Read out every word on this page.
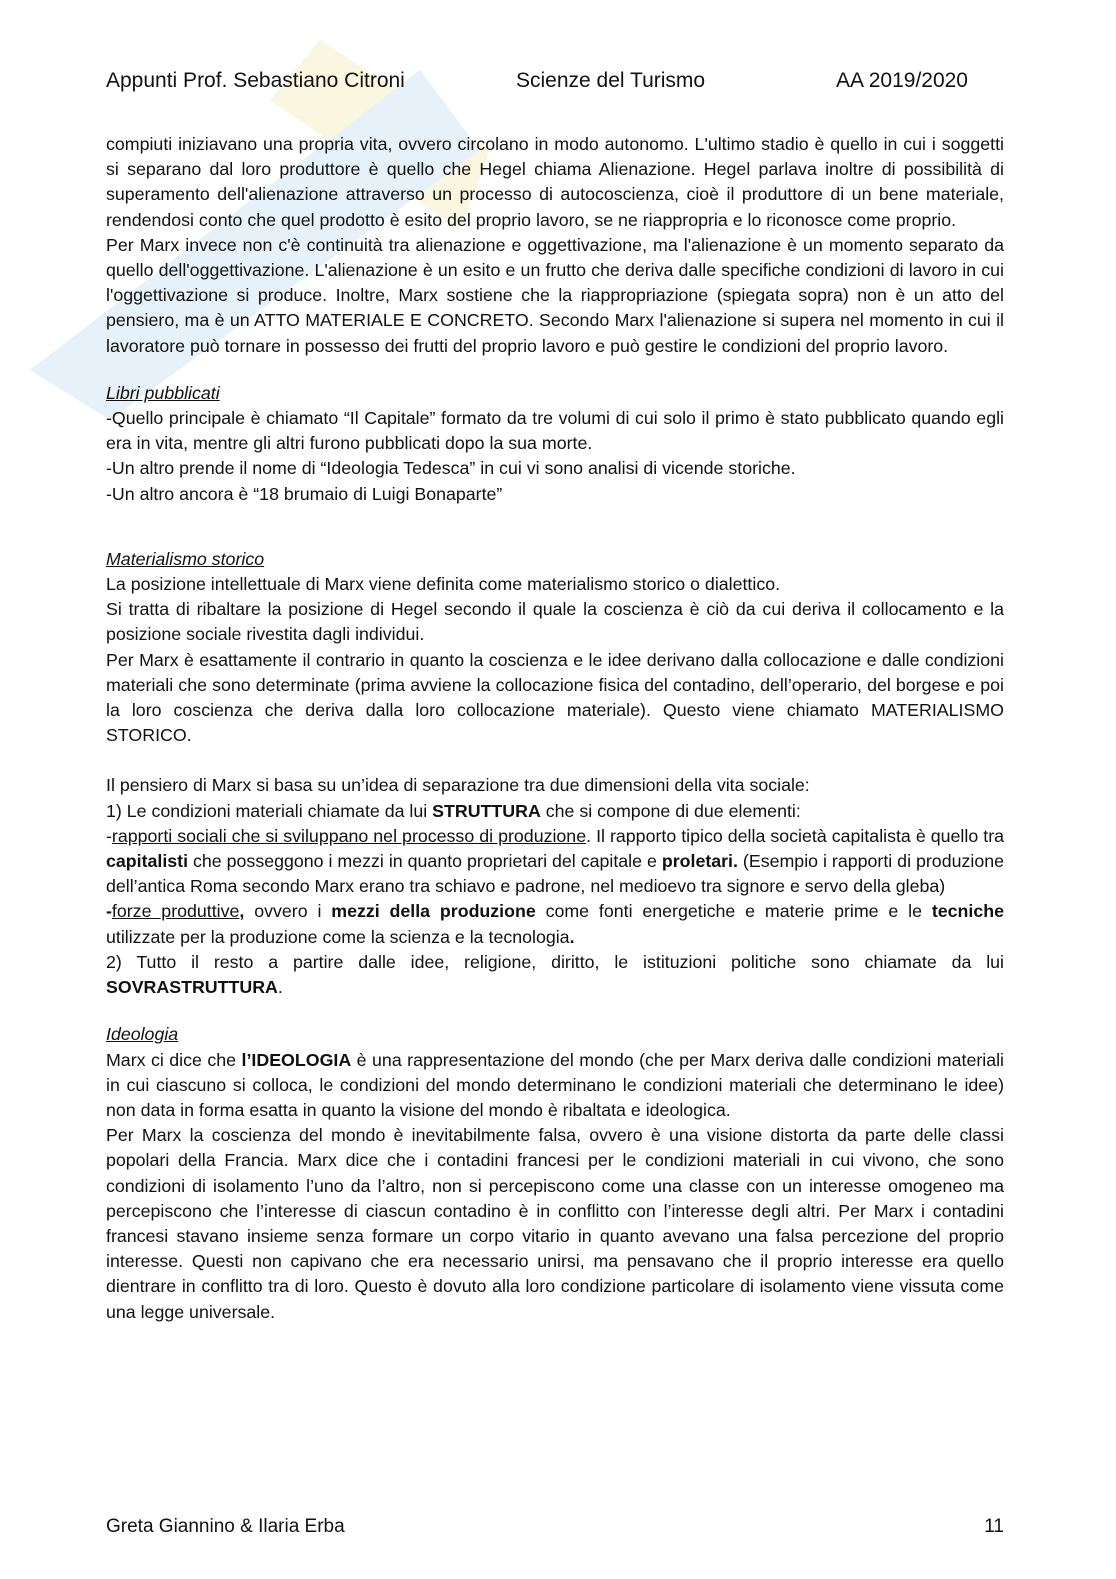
Appunti Prof. Sebastiano Citroni	Scienze del Turismo	AA 2019/2020

compiuti iniziavano una propria vita, ovvero circolano in modo autonomo. L'ultimo stadio è quello in cui i soggetti si separano dal loro produttore è quello che Hegel chiama Alienazione. Hegel parlava inoltre di possibilità di superamento dell'alienazione attraverso un processo di autocoscienza, cioè il produttore di un bene materiale, rendendosi conto che quel prodotto è esito del proprio lavoro, se ne riappropria e lo riconosce come proprio.

Per Marx invece non c'è continuità tra alienazione e oggettivazione, ma l'alienazione è un momento separato da quello dell'oggettivazione. L'alienazione è un esito e un frutto che deriva dalle specifiche condizioni di lavoro in cui l'oggettivazione si produce. Inoltre, Marx sostiene che la riappropriazione (spiegata sopra) non è un atto del pensiero, ma è un ATTO MATERIALE E CONCRETO. Secondo Marx l'alienazione si supera nel momento in cui il lavoratore può tornare in possesso dei frutti del proprio lavoro e può gestire le condizioni del proprio lavoro.

Libri pubblicati

-Quello principale è chiamato “Il Capitale” formato da tre volumi di cui solo il primo è stato pubblicato quando egli era in vita, mentre gli altri furono pubblicati dopo la sua morte.

-Un altro prende il nome di “Ideologia Tedesca” in cui vi sono analisi di vicende storiche.

-Un altro ancora è “18 brumaio di Luigi Bonaparte”

Materialismo storico

La posizione intellettuale di Marx viene definita come materialismo storico o dialettico.

Si tratta di ribaltare la posizione di Hegel secondo il quale la coscienza è ciò da cui deriva il collocamento e la posizione sociale rivestita dagli individui.

Per Marx è esattamente il contrario in quanto la coscienza e le idee derivano dalla collocazione e dalle condizioni materiali che sono determinate (prima avviene la collocazione fisica del contadino, dell’operario, del borgese e poi la loro coscienza che deriva dalla loro collocazione materiale). Questo viene chiamato MATERIALISMO STORICO.

Il pensiero di Marx si basa su un’idea di separazione tra due dimensioni della vita sociale:

1) Le condizioni materiali chiamate da lui STRUTTURA che si compone di due elementi:

-rapporti sociali che si sviluppano nel processo di produzione. Il rapporto tipico della società capitalista è quello tra capitalisti che posseggono i mezzi in quanto proprietari del capitale e proletari. (Esempio i rapporti di produzione dell’antica Roma secondo Marx erano tra schiavo e padrone, nel medioevo tra signore e servo della gleba)

-forze produttive, ovvero i mezzi della produzione come fonti energetiche e materie prime e le tecniche utilizzate per la produzione come la scienza e la tecnologia.

2) Tutto il resto a partire dalle idee, religione, diritto, le istituzioni politiche sono chiamate da lui SOVRASTRUTTURA.

Ideologia

Marx ci dice che l’IDEOLOGIA è una rappresentazione del mondo (che per Marx deriva dalle condizioni materiali in cui ciascuno si colloca, le condizioni del mondo determinano le condizioni materiali che determinano le idee) non data in forma esatta in quanto la visione del mondo è ribaltata e ideologica.

Per Marx la coscienza del mondo è inevitabilmente falsa, ovvero è una visione distorta da parte delle classi popolari della Francia. Marx dice che i contadini francesi per le condizioni materiali in cui vivono, che sono condizioni di isolamento l’uno da l’altro, non si percepiscono come una classe con un interesse omogeneo ma percepiscono che l’interesse di ciascun contadino è in conflitto con l’interesse degli altri. Per Marx i contadini francesi stavano insieme senza formare un corpo vitario in quanto avevano una falsa percezione del proprio interesse. Questi non capivano che era necessario unirsi, ma pensavano che il proprio interesse era quello dientrare in conflitto tra di loro. Questo è dovuto alla loro condizione particolare di isolamento viene vissuta come una legge universale.

Greta Giannino & Ilaria Erba	11
